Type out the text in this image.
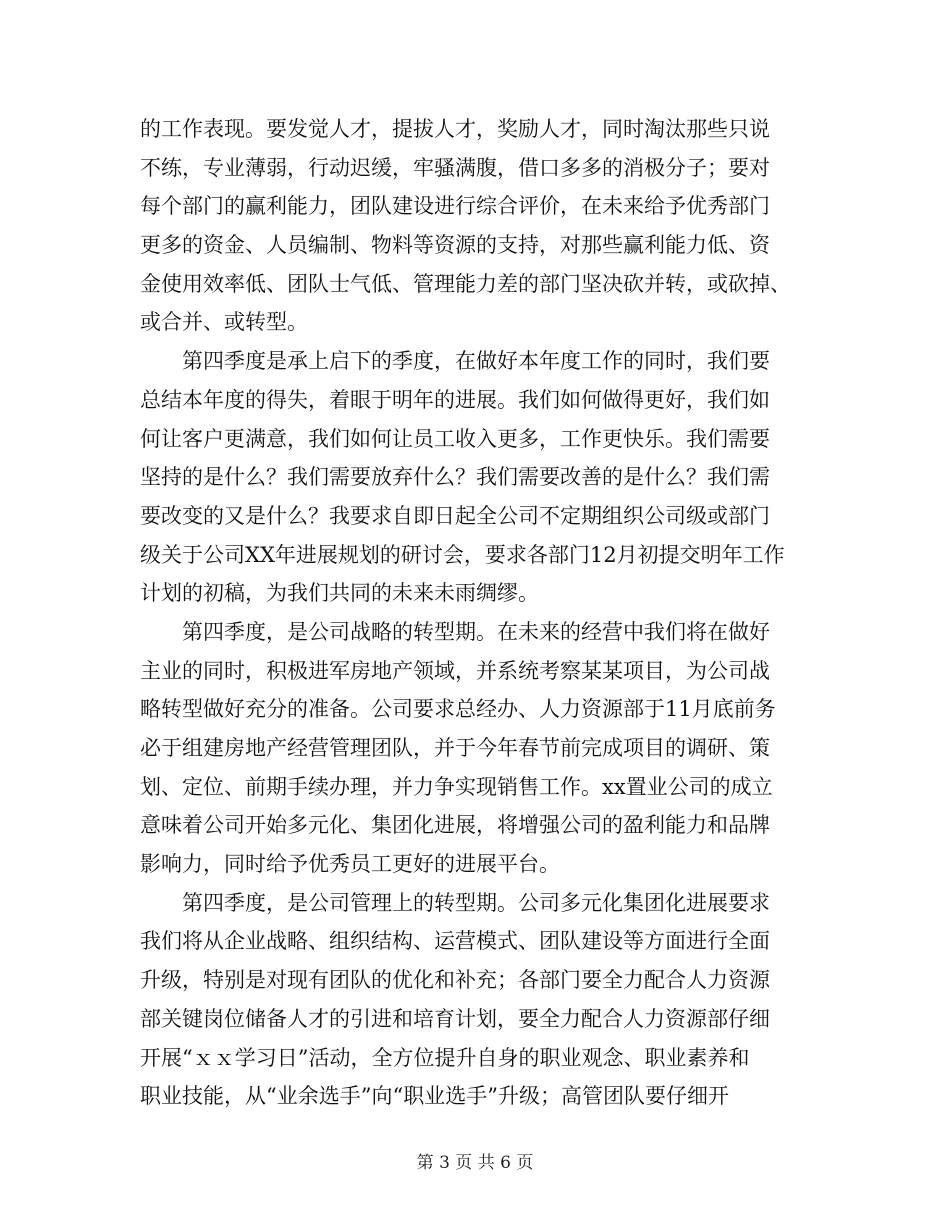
的工作表现。要发觉人才，提拔人才，奖励人才，同时淘汰那些只说
不练，专业薄弱，行动迟缓，牢骚满腹，借口多多的消极分子；要对
每个部门的赢利能力，团队建设进行综合评价，在未来给予优秀部门
更多的资金、人员编制、物料等资源的支持，对那些赢利能力低、资
金使用效率低、团队士气低、管理能力差的部门坚决砍并转，或砍掉、
或合并、或转型。
　　第四季度是承上启下的季度，在做好本年度工作的同时，我们要
总结本年度的得失，着眼于明年的进展。我们如何做得更好，我们如
何让客户更满意，我们如何让员工收入更多，工作更快乐。我们需要
坚持的是什么？我们需要放弃什么？我们需要改善的是什么？我们需
要改变的又是什么？我要求自即日起全公司不定期组织公司级或部门
级关于公司XX年进展规划的研讨会，要求各部门12月初提交明年工作
计划的初稿，为我们共同的未来未雨绸缪。
　　第四季度，是公司战略的转型期。在未来的经营中我们将在做好
主业的同时，积极进军房地产领域，并系统考察某某项目，为公司战
略转型做好充分的准备。公司要求总经办、人力资源部于11月底前务
必于组建房地产经营管理团队，并于今年春节前完成项目的调研、策
划、定位、前期手续办理，并力争实现销售工作。xx置业公司的成立
意味着公司开始多元化、集团化进展，将增强公司的盈利能力和品牌
影响力，同时给予优秀员工更好的进展平台。
　　第四季度，是公司管理上的转型期。公司多元化集团化进展要求
我们将从企业战略、组织结构、运营模式、团队建设等方面进行全面
升级，特别是对现有团队的优化和补充；各部门要全力配合人力资源
部关键岗位储备人才的引进和培育计划，要全力配合人力资源部仔细
开展“ｘｘ学习日”活动，全方位提升自身的职业观念、职业素养和
职业技能，从“业余选手”向“职业选手”升级；高管团队要仔细开
第 3 页 共 6 页
